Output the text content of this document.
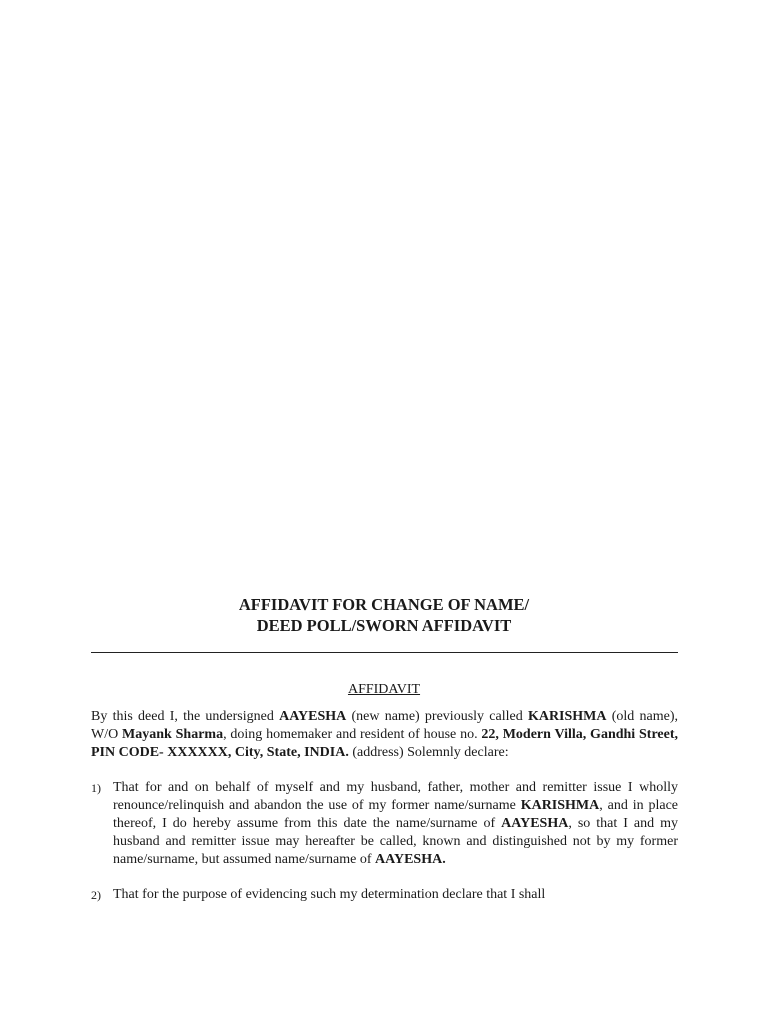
AFFIDAVIT FOR CHANGE OF NAME/
DEED POLL/SWORN AFFIDAVIT
AFFIDAVIT
By this deed I, the undersigned AAYESHA (new name) previously called KARISHMA (old name), W/O Mayank Sharma, doing homemaker and resident of house no. 22, Modern Villa, Gandhi Street, PIN CODE- XXXXXX, City, State, INDIA. (address) Solemnly declare:
1) That for and on behalf of myself and my husband, father, mother and remitter issue I wholly renounce/relinquish and abandon the use of my former name/surname KARISHMA, and in place thereof, I do hereby assume from this date the name/surname of AAYESHA, so that I and my husband and remitter issue may hereafter be called, known and distinguished not by my former name/surname, but assumed name/surname of AAYESHA.
2) That for the purpose of evidencing such my determination declare that I shall
